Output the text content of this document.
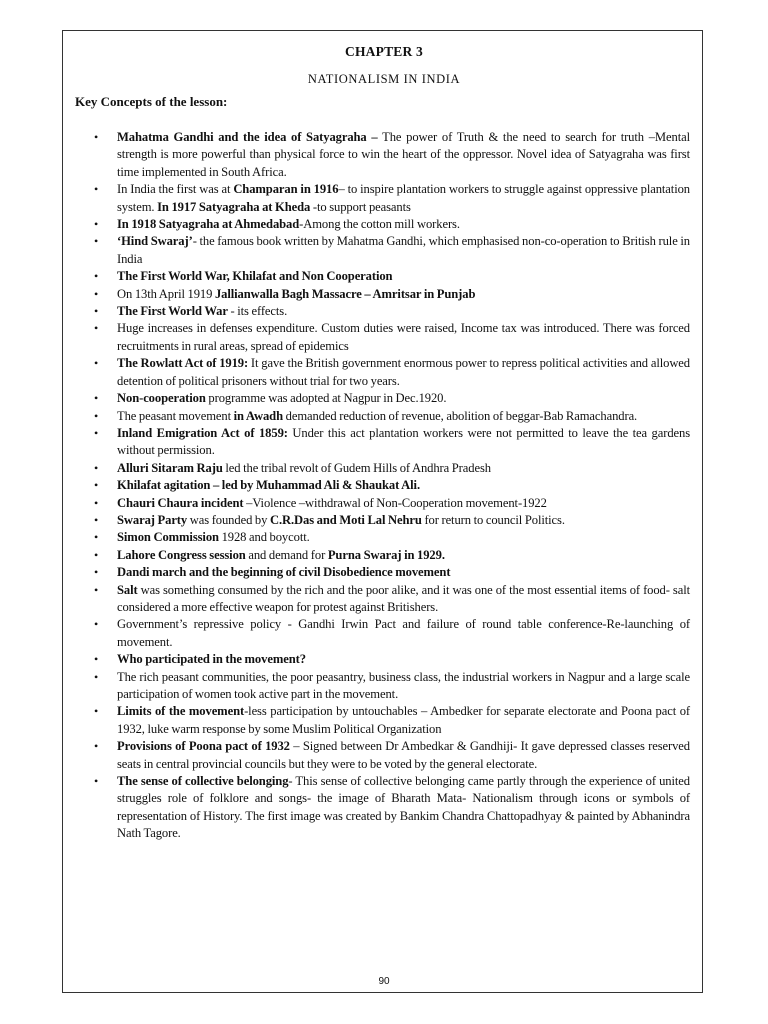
CHAPTER 3
NATIONALISM IN INDIA
Key Concepts of the lesson:
• Mahatma Gandhi and the idea of Satyagraha – The power of Truth & the need to search for truth –Mental strength is more powerful than physical force to win the heart of the oppressor. Novel idea of Satyagraha was first time implemented in South Africa.
• In India the first was at Champaran in 1916– to inspire plantation workers to struggle against oppressive plantation system. In 1917 Satyagraha at Kheda -to support peasants
• In 1918 Satyagraha at Ahmedabad-Among the cotton mill workers.
• ‘Hind Swaraj’- the famous book written by Mahatma Gandhi, which emphasised non-co-operation to British rule in India
• The First World War, Khilafat and Non Cooperation
• On 13th April 1919 Jallianwalla Bagh Massacre – Amritsar in Punjab
• The First World War - its effects.
• Huge increases in defenses expenditure. Custom duties were raised, Income tax was introduced. There was forced recruitments in rural areas, spread of epidemics
• The Rowlatt Act of 1919: It gave the British government enormous power to repress political activities and allowed detention of political prisoners without trial for two years.
• Non-cooperation programme was adopted at Nagpur in Dec.1920.
• The peasant movement in Awadh demanded reduction of revenue, abolition of beggar-Bab Ramachandra.
• Inland Emigration Act of 1859: Under this act plantation workers were not permitted to leave the tea gardens without permission.
• Alluri Sitaram Raju led the tribal revolt of Gudem Hills of Andhra Pradesh
• Khilafat agitation – led by Muhammad Ali & Shaukat Ali.
• Chauri Chaura incident –Violence –withdrawal of Non-Cooperation movement-1922
• Swaraj Party was founded by C.R.Das and Moti Lal Nehru for return to council Politics.
• Simon Commission 1928 and boycott.
• Lahore Congress session and demand for Purna Swaraj in 1929.
• Dandi march and the beginning of civil Disobedience movement
• Salt was something consumed by the rich and the poor alike, and it was one of the most essential items of food- salt considered a more effective weapon for protest against Britishers.
• Government’s repressive policy - Gandhi Irwin Pact and failure of round table conference-Re-launching of movement.
• Who participated in the movement?
• The rich peasant communities, the poor peasantry, business class, the industrial workers in Nagpur and a large scale participation of women took active part in the movement.
• Limits of the movement-less participation by untouchables – Ambedker for separate electorate and Poona pact of 1932, luke warm response by some Muslim Political Organization
• Provisions of Poona pact of 1932 – Signed between Dr Ambedkar & Gandhiji- It gave depressed classes reserved seats in central provincial councils but they were to be voted by the general electorate.
• The sense of collective belonging- This sense of collective belonging came partly through the experience of united struggles role of folklore and songs- the image of Bharath Mata- Nationalism through icons or symbols of representation of History. The first image was created by Bankim Chandra Chattopadhyay & painted by Abhanindra Nath Tagore.
90
